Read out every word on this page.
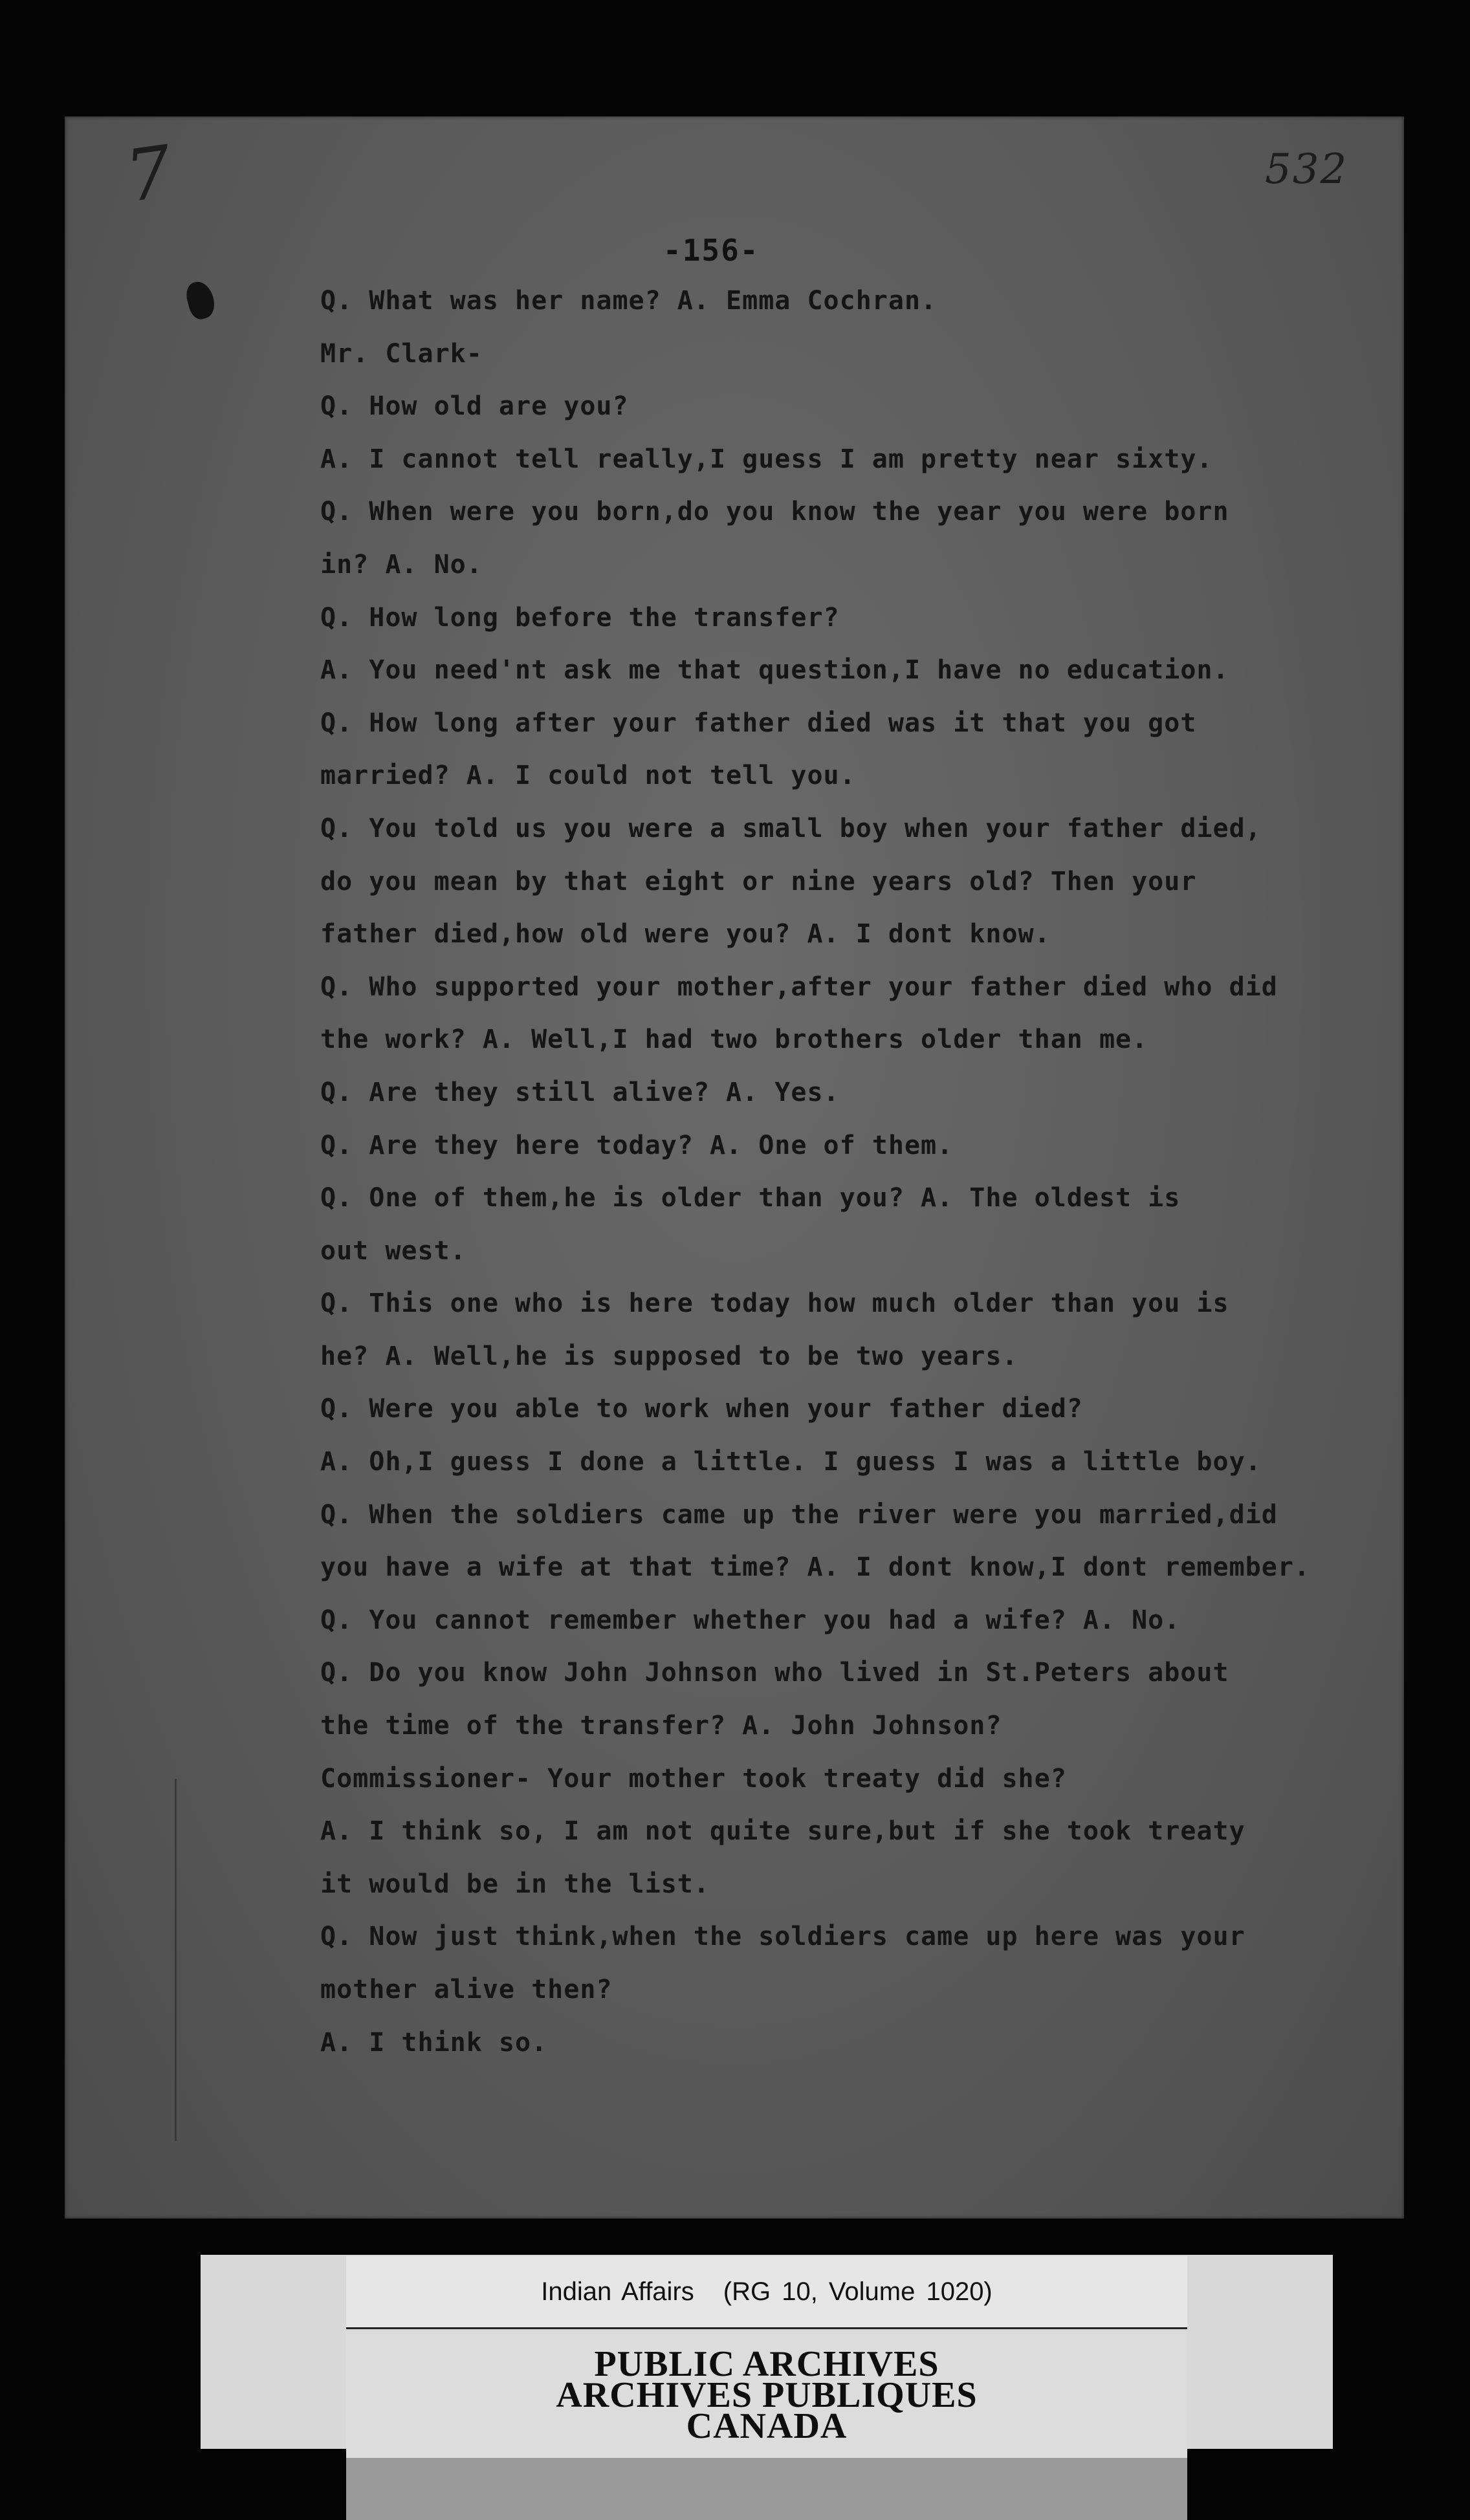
7	532
-156-
Q. What was her name? A. Emma Cochran.
Mr. Clark-
Q. How old are you?
A. I cannot tell really,I guess I am pretty near sixty.
Q. When were you born,do you know the year you were born
in? A. No.
Q. How long before the transfer?
A. You need'nt ask me that question,I have no education.
Q. How long after your father died was it that you got
married? A. I could not tell you.
Q. You told us you were a small boy when your father died,
do you mean by that eight or nine years old? Then your
father died,how old were you? A. I dont know.
Q. Who supported your mother,after your father died who did
the work? A. Well,I had two brothers older than me.
Q. Are they still alive? A. Yes.
Q. Are they here today? A. One of them.
Q. One of them,he is older than you? A. The oldest is
out west.
Q. This one who is here today how much older than you is
he? A. Well,he is supposed to be two years.
Q. Were you able to work when your father died?
A. Oh,I guess I done a little. I guess I was a little boy.
Q. When the soldiers came up the river were you married,did
you have a wife at that time? A. I dont know,I dont remember.
Q. You cannot remember whether you had a wife? A. No.
Q. Do you know John Johnson who lived in St.Peters about
the time of the transfer? A. John Johnson?
Commissioner- Your mother took treaty did she?
A. I think so, I am not quite sure,but if she took treaty
it would be in the list.
Q. Now just think,when the soldiers came up here was your
mother alive then?
A. I think so.
Indian Affairs (RG 10, Volume 1020)
PUBLIC ARCHIVES
ARCHIVES PUBLIQUES
CANADA
